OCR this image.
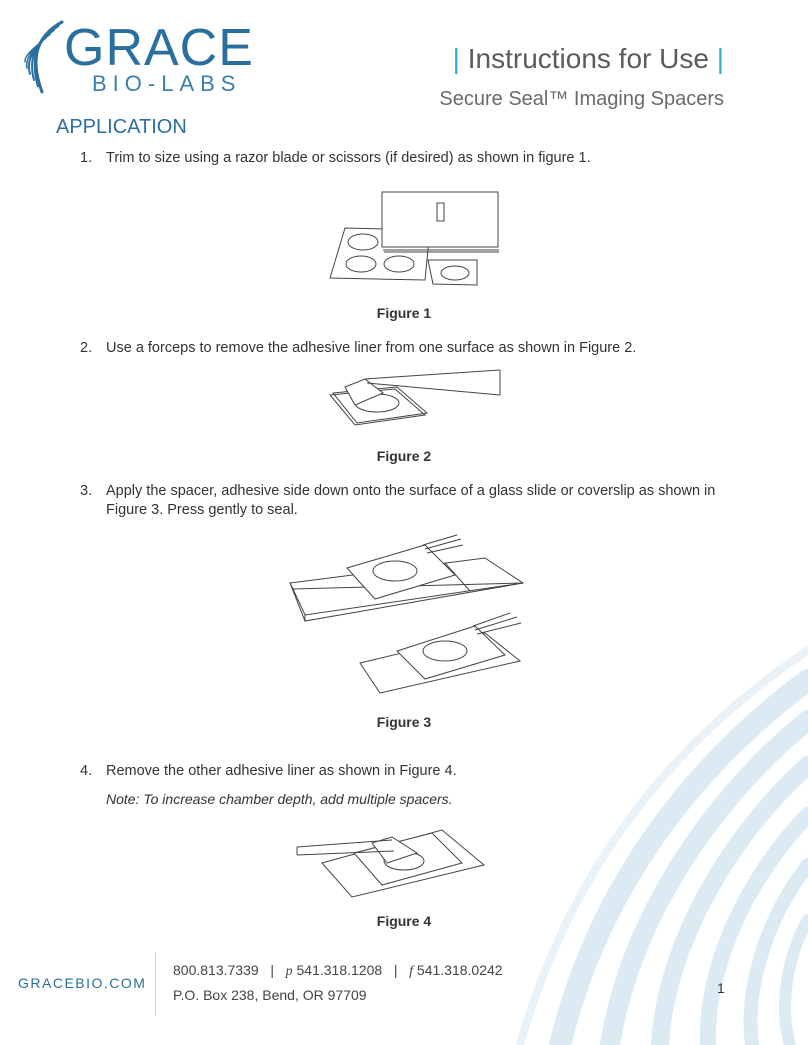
GRACE
BIO-LABS
| Instructions for Use |
Secure Seal™ Imaging Spacers
APPLICATION
1. Trim to size using a razor blade or scissors (if desired) as shown in figure 1.
Figure 1
2. Use a forceps to remove the adhesive liner from one surface as shown in Figure 2.
Figure 2
3. Apply the spacer, adhesive side down onto the surface of a glass slide or coverslip as shown in Figure 3. Press gently to seal.
Figure 3
4. Remove the other adhesive liner as shown in Figure 4.
Note: To increase chamber depth, add multiple spacers.
Figure 4
GRACEBIO.COM
800.813.7339 | p 541.318.1208 | f 541.318.0242
P.O. Box 238, Bend, OR 97709	1
